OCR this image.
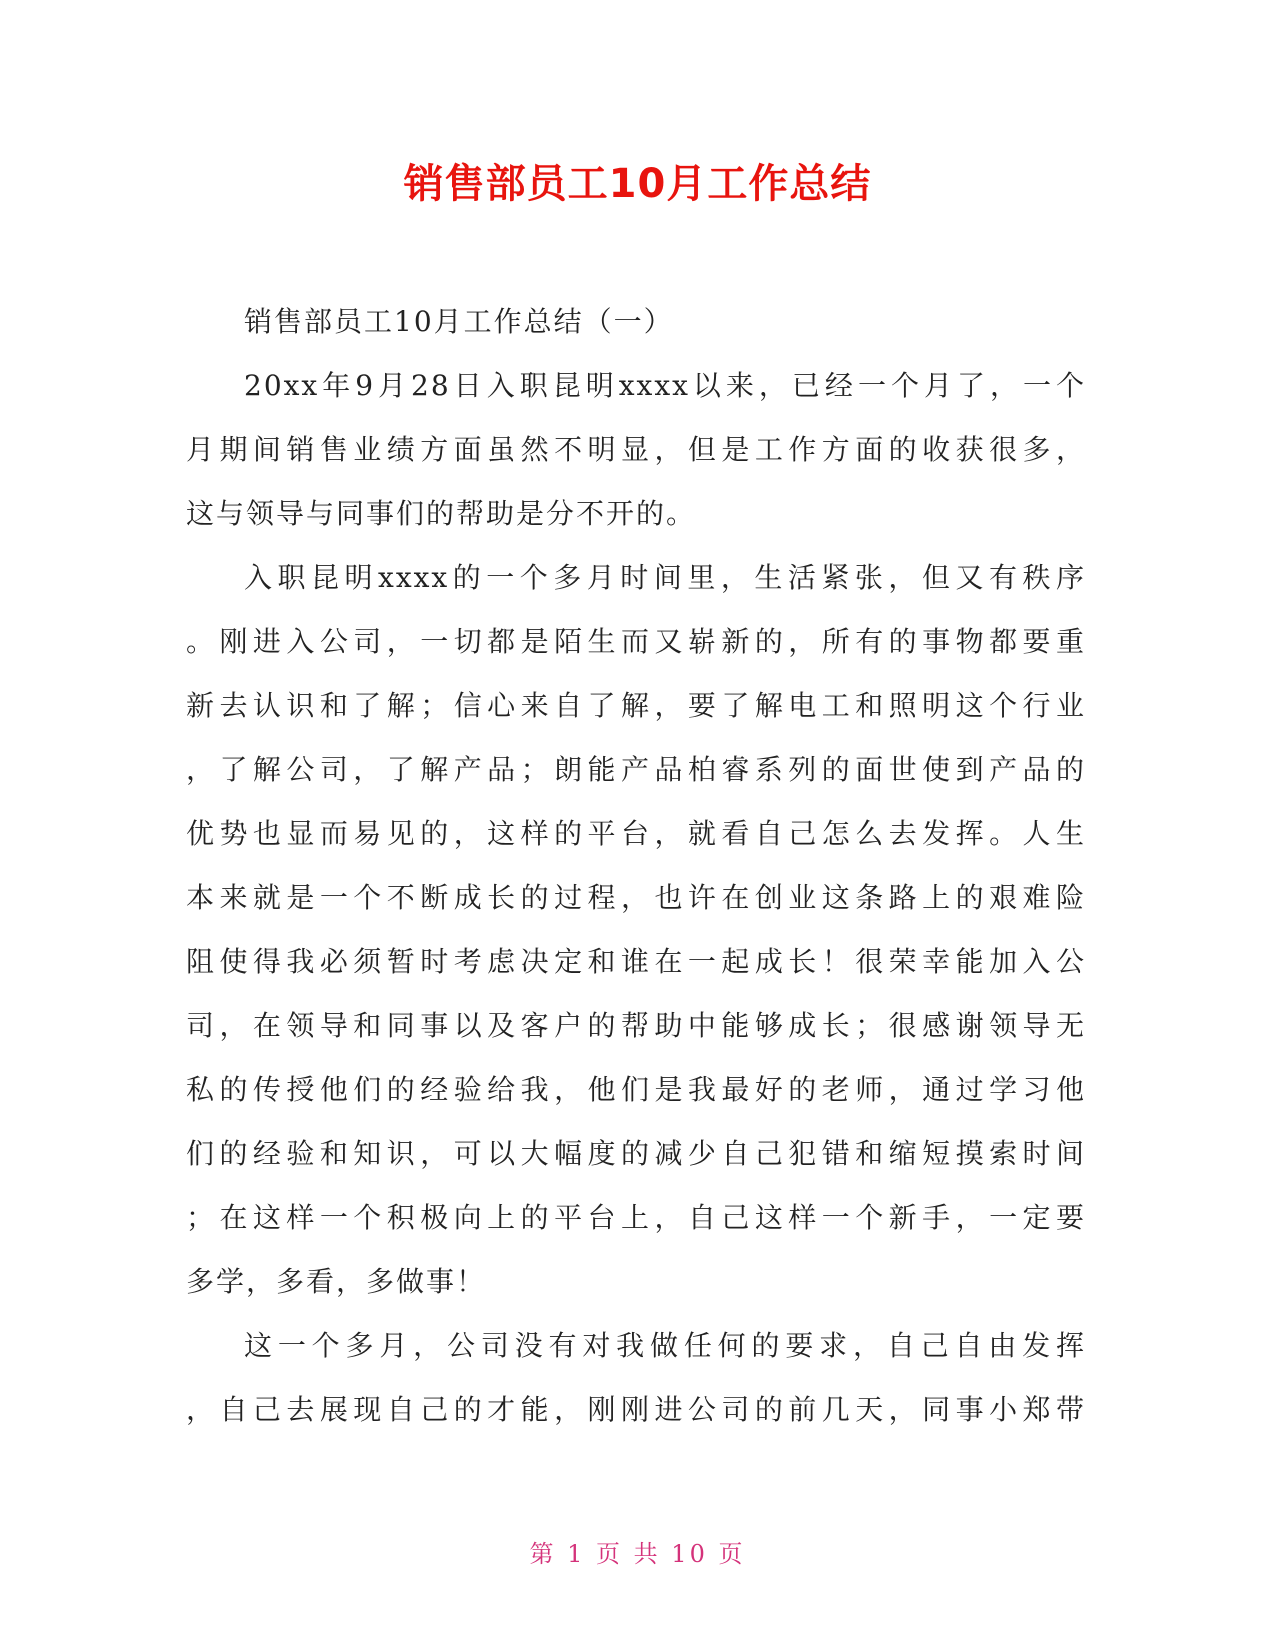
销售部员工10月工作总结

销售部员工10月工作总结（一）

20xx年9月28日入职昆明xxxx以来，已经一个月了，一个
月期间销售业绩方面虽然不明显，但是工作方面的收获很多，
这与领导与同事们的帮助是分不开的。

入职昆明xxxx的一个多月时间里，生活紧张，但又有秩序
。刚进入公司，一切都是陌生而又崭新的，所有的事物都要重
新去认识和了解；信心来自了解，要了解电工和照明这个行业
，了解公司，了解产品；朗能产品柏睿系列的面世使到产品的
优势也显而易见的，这样的平台，就看自己怎么去发挥。人生
本来就是一个不断成长的过程，也许在创业这条路上的艰难险
阻使得我必须暂时考虑决定和谁在一起成长！很荣幸能加入公
司，在领导和同事以及客户的帮助中能够成长；很感谢领导无
私的传授他们的经验给我，他们是我最好的老师，通过学习他
们的经验和知识，可以大幅度的减少自己犯错和缩短摸索时间
；在这样一个积极向上的平台上，自己这样一个新手，一定要
多学，多看，多做事！

这一个多月，公司没有对我做任何的要求，自己自由发挥
，自己去展现自己的才能，刚刚进公司的前几天，同事小郑带

第 1 页 共 10 页
